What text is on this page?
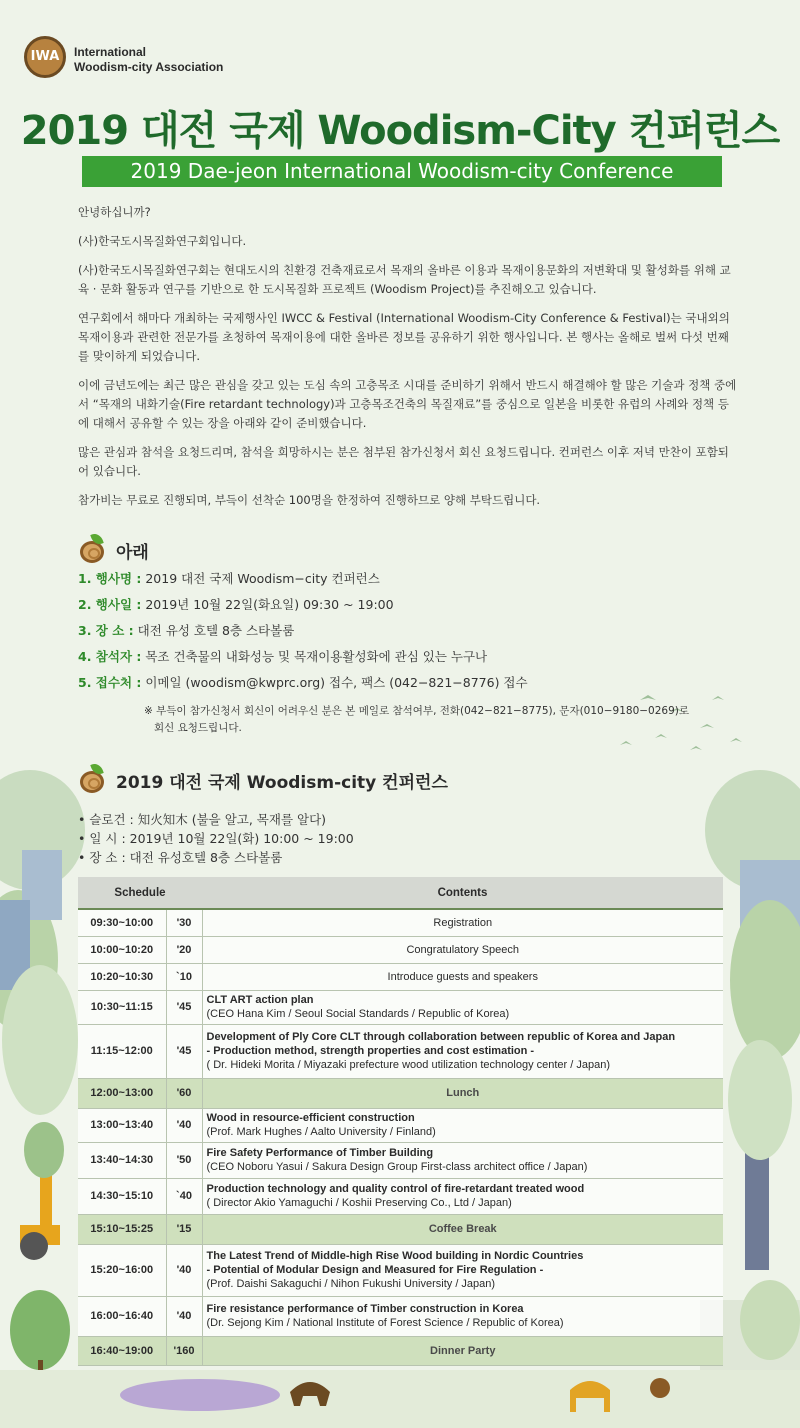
IWA	International
Woodism-city Association
2019 대전 국제 Woodism-City 컨퍼런스
2019 Dae-jeon International Woodism-city Conference

안녕하십니까?

(사)한국도시목질화연구회입니다.

(사)한국도시목질화연구회는 현대도시의 친환경 건축재료로서 목재의 올바른 이용과 목재이용문화의 저변확대 및 활성화를 위해 교육 · 문화 활동과 연구를 기반으로 한 도시목질화 프로젝트 (Woodism Project)를 추진해오고 있습니다.

연구회에서 해마다 개최하는 국제행사인 IWCC & Festival (International Woodism-City Conference & Festival)는 국내외의 목재이용과 관련한 전문가를 초청하여 목재이용에 대한 올바른 정보를 공유하기 위한 행사입니다. 본 행사는 올해로 벌써 다섯 번째를 맞이하게 되었습니다.

이에 금년도에는 최근 많은 관심을 갖고 있는 도심 속의 고층목조 시대를 준비하기 위해서 반드시 해결해야 할 많은 기술과 정책 중에서 “목재의 내화기술(Fire retardant technology)과 고층목조건축의 목질재료”를 중심으로 일본을 비롯한 유럽의 사례와 정책 등에 대해서 공유할 수 있는 장을 아래와 같이 준비했습니다.

많은 관심과 참석을 요청드리며, 참석을 희망하시는 분은 첨부된 참가신청서 회신 요청드립니다. 컨퍼런스 이후 저녁 만찬이 포함되어 있습니다.

참가비는 무료로 진행되며, 부득이 선착순 100명을 한정하여 진행하므로 양해 부탁드립니다.

아래
1. 행사명 : 2019 대전 국제 Woodism−city 컨퍼런스
2. 행사일 : 2019년 10월 22일(화요일) 09:30 ~ 19:00
3. 장 소 : 대전 유성 호텔 8층 스타볼룸
4. 참석자 : 목조 건축물의 내화성능 및 목재이용활성화에 관심 있는 누구나
5. 접수처 : 이메일 (woodism@kwprc.org) 접수, 팩스 (042−821−8776) 접수
※ 부득이 참가신청서 회신이 어려우신 분은 본 메일로 참석여부, 전화(042−821−8775), 문자(010−9180−0269)로
회신 요청드립니다.
2019 대전 국제 Woodism-city 컨퍼런스
• 슬로건 : 知火知木 (불을 알고, 목재를 알다)
• 일 시 : 2019년 10월 22일(화) 10:00 ~ 19:00
• 장 소 : 대전 유성호텔 8층 스타볼룸
Schedule		Contents
09:30~10:00	'30	Registration

10:00~10:20	'20	Congratulatory Speech

10:20~10:30	`10	Introduce guests and speakers

10:30~11:15	'45	CLT ART action plan
(CEO Hana Kim / Seoul Social Standards / Republic of Korea)

11:15~12:00	'45	Development of Ply Core CLT through collaboration between republic of Korea and Japan
- Production method, strength properties and cost estimation -
( Dr. Hideki Morita / Miyazaki prefecture wood utilization technology center / Japan)

12:00~13:00	'60	Lunch

13:00~13:40	'40	Wood in resource-efficient construction
(Prof. Mark Hughes / Aalto University / Finland)

13:40~14:30	'50	Fire Safety Performance of Timber Building
(CEO Noboru Yasui / Sakura Design Group First-class architect office / Japan)

14:30~15:10	`40	Production technology and quality control of fire-retardant treated wood
( Director Akio Yamaguchi / Koshii Preserving Co., Ltd / Japan)

15:10~15:25	'15	Coffee Break

15:20~16:00	'40	The Latest Trend of Middle-high Rise Wood building in Nordic Countries
- Potential of Modular Design and Measured for Fire Regulation -
(Prof. Daishi Sakaguchi / Nihon Fukushi University / Japan)

16:00~16:40	'40	Fire resistance performance of Timber construction in Korea
(Dr. Sejong Kim / National Institute of Forest Science / Republic of Korea)

16:40~19:00	'160	Dinner Party
